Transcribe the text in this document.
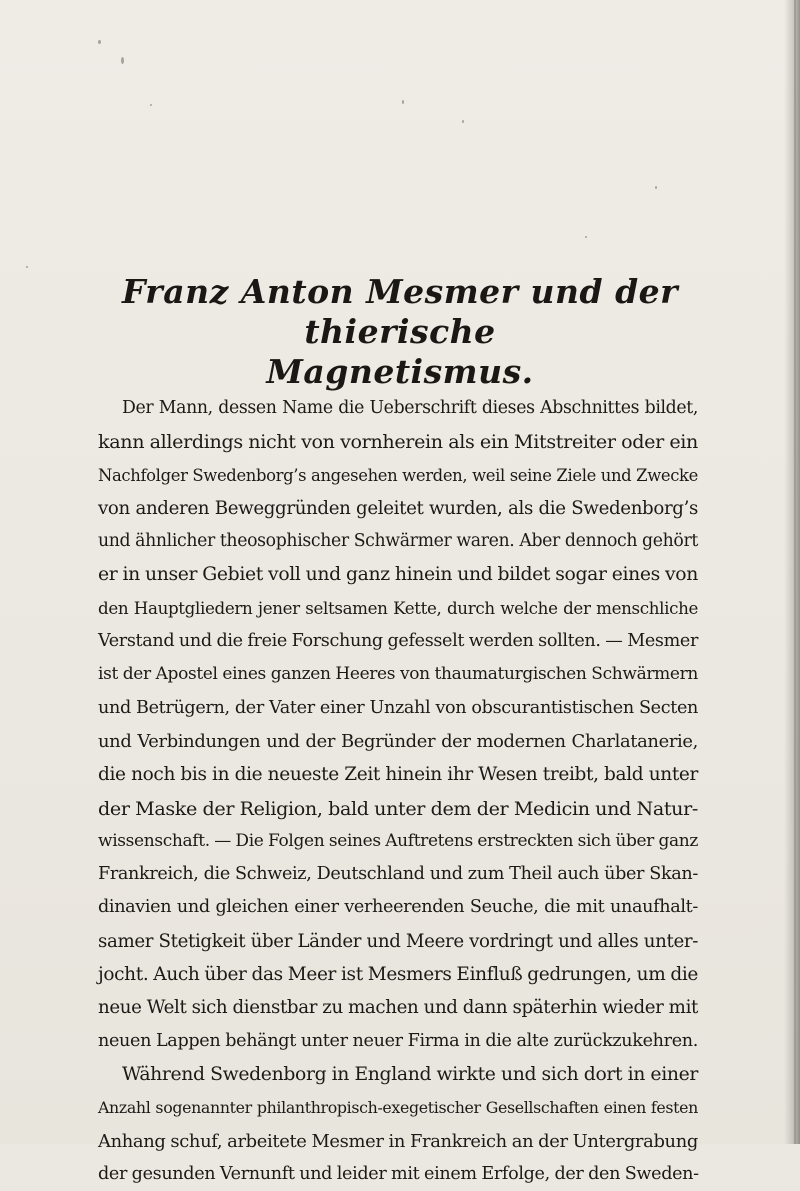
Franz Anton Mesmer und der thierische
Magnetismus.
Der Mann, dessen Name die Ueberschrift dieses Abschnittes bildet,
kann allerdings nicht von vornherein als ein Mitstreiter oder ein
Nachfolger Swedenborg’s angesehen werden, weil seine Ziele und Zwecke
von anderen Beweggründen geleitet wurden, als die Swedenborg’s
und ähnlicher theosophischer Schwärmer waren. Aber dennoch gehört
er in unser Gebiet voll und ganz hinein und bildet sogar eines von
den Hauptgliedern jener seltsamen Kette, durch welche der menschliche
Verstand und die freie Forschung gefesselt werden sollten. — Mesmer
ist der Apostel eines ganzen Heeres von thaumaturgischen Schwärmern
und Betrügern, der Vater einer Unzahl von obscurantistischen Secten
und Verbindungen und der Begründer der modernen Charlatanerie,
die noch bis in die neueste Zeit hinein ihr Wesen treibt, bald unter
der Maske der Religion, bald unter dem der Medicin und Natur-
wissenschaft. — Die Folgen seines Auftretens erstreckten sich über ganz
Frankreich, die Schweiz, Deutschland und zum Theil auch über Skan-
dinavien und gleichen einer verheerenden Seuche, die mit unaufhalt-
samer Stetigkeit über Länder und Meere vordringt und alles unter-
jocht. Auch über das Meer ist Mesmers Einfluß gedrungen, um die
neue Welt sich dienstbar zu machen und dann späterhin wieder mit
neuen Lappen behängt unter neuer Firma in die alte zurückzukehren.
Während Swedenborg in England wirkte und sich dort in einer
Anzahl sogenannter philanthropisch-exegetischer Gesellschaften einen festen
Anhang schuf, arbeitete Mesmer in Frankreich an der Untergrabung
der gesunden Vernunft und leider mit einem Erfolge, der den Sweden-
